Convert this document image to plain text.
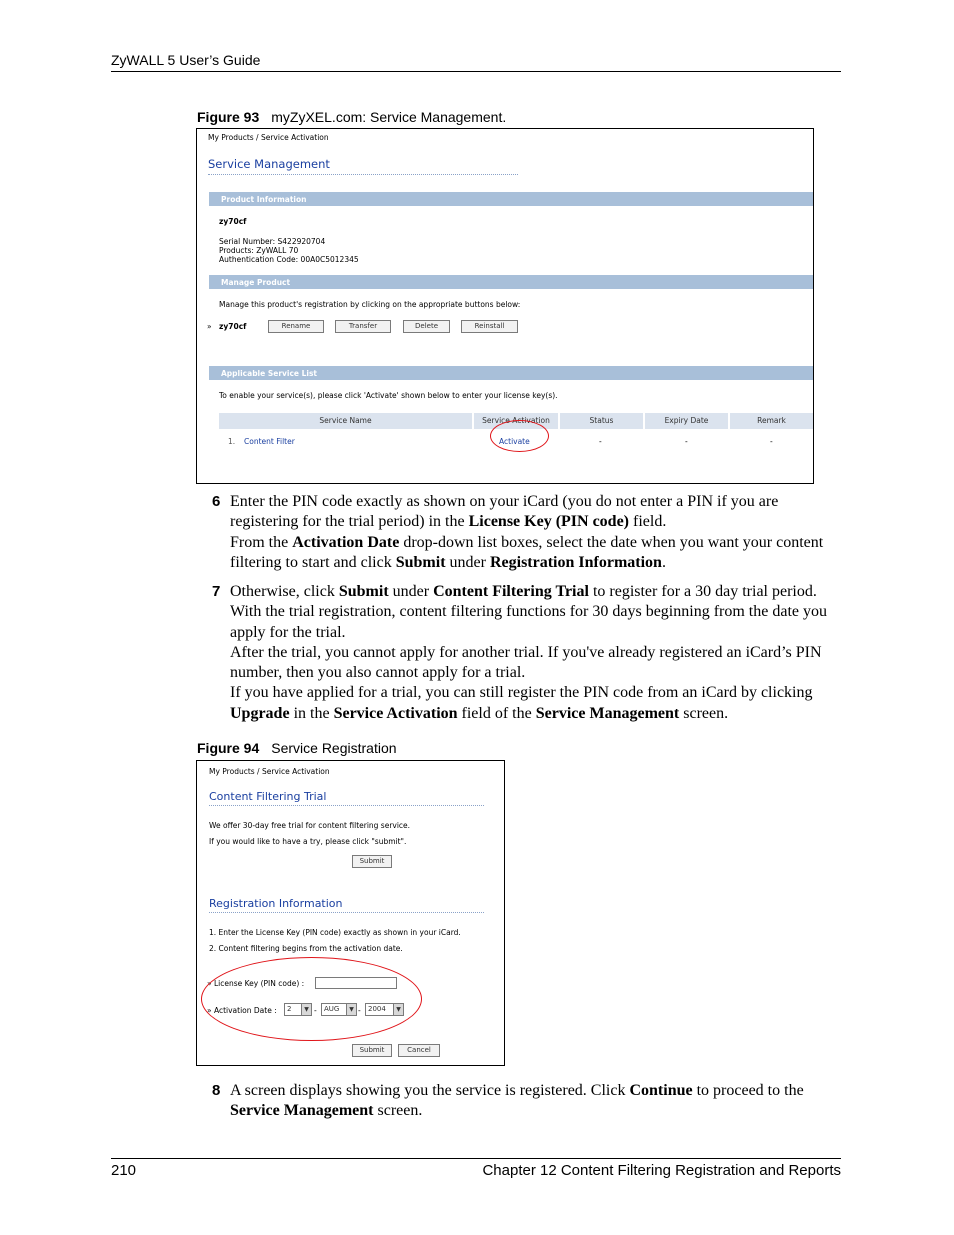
ZyWALL 5 User’s Guide
Figure 93 myZyXEL.com: Service Management.
My Products / Service Activation
Service Management
Product Information
zy70cf
Serial Number: S422920704
Products: ZyWALL 70
Authentication Code: 00A0C5012345
Manage Product
Manage this product's registration by clicking on the appropriate buttons below:
» zy70cf	Rename	Transfer	Delete	Reinstall
Applicable Service List
To enable your service(s), please click 'Activate' shown below to enter your license key(s).
Service Name	Service Activation	Status	Expiry Date	Remark
1. Content Filter	Activate	-	-	-
6 Enter the PIN code exactly as shown on your iCard (you do not enter a PIN if you are registering for the trial period) in the License Key (PIN code) field.
From the Activation Date drop-down list boxes, select the date when you want your content filtering to start and click Submit under Registration Information.
7 Otherwise, click Submit under Content Filtering Trial to register for a 30 day trial period. With the trial registration, content filtering functions for 30 days beginning from the date you apply for the trial.
After the trial, you cannot apply for another trial. If you've already registered an iCard’s PIN number, then you also cannot apply for a trial.
If you have applied for a trial, you can still register the PIN code from an iCard by clicking Upgrade in the Service Activation field of the Service Management screen.
Figure 94 Service Registration
My Products / Service Activation
Content Filtering Trial
We offer 30-day free trial for content filtering service.
If you would like to have a try, please click "submit".
Submit
Registration Information
1. Enter the License Key (PIN code) exactly as shown in your iCard.
2. Content filtering begins from the activation date.
» License Key (PIN code) :
» Activation Date :	2	▼ -	AUG	▼ -	2004	▼
Submit	Cancel
8 A screen displays showing you the service is registered. Click Continue to proceed to the Service Management screen.
210	Chapter 12 Content Filtering Registration and Reports
